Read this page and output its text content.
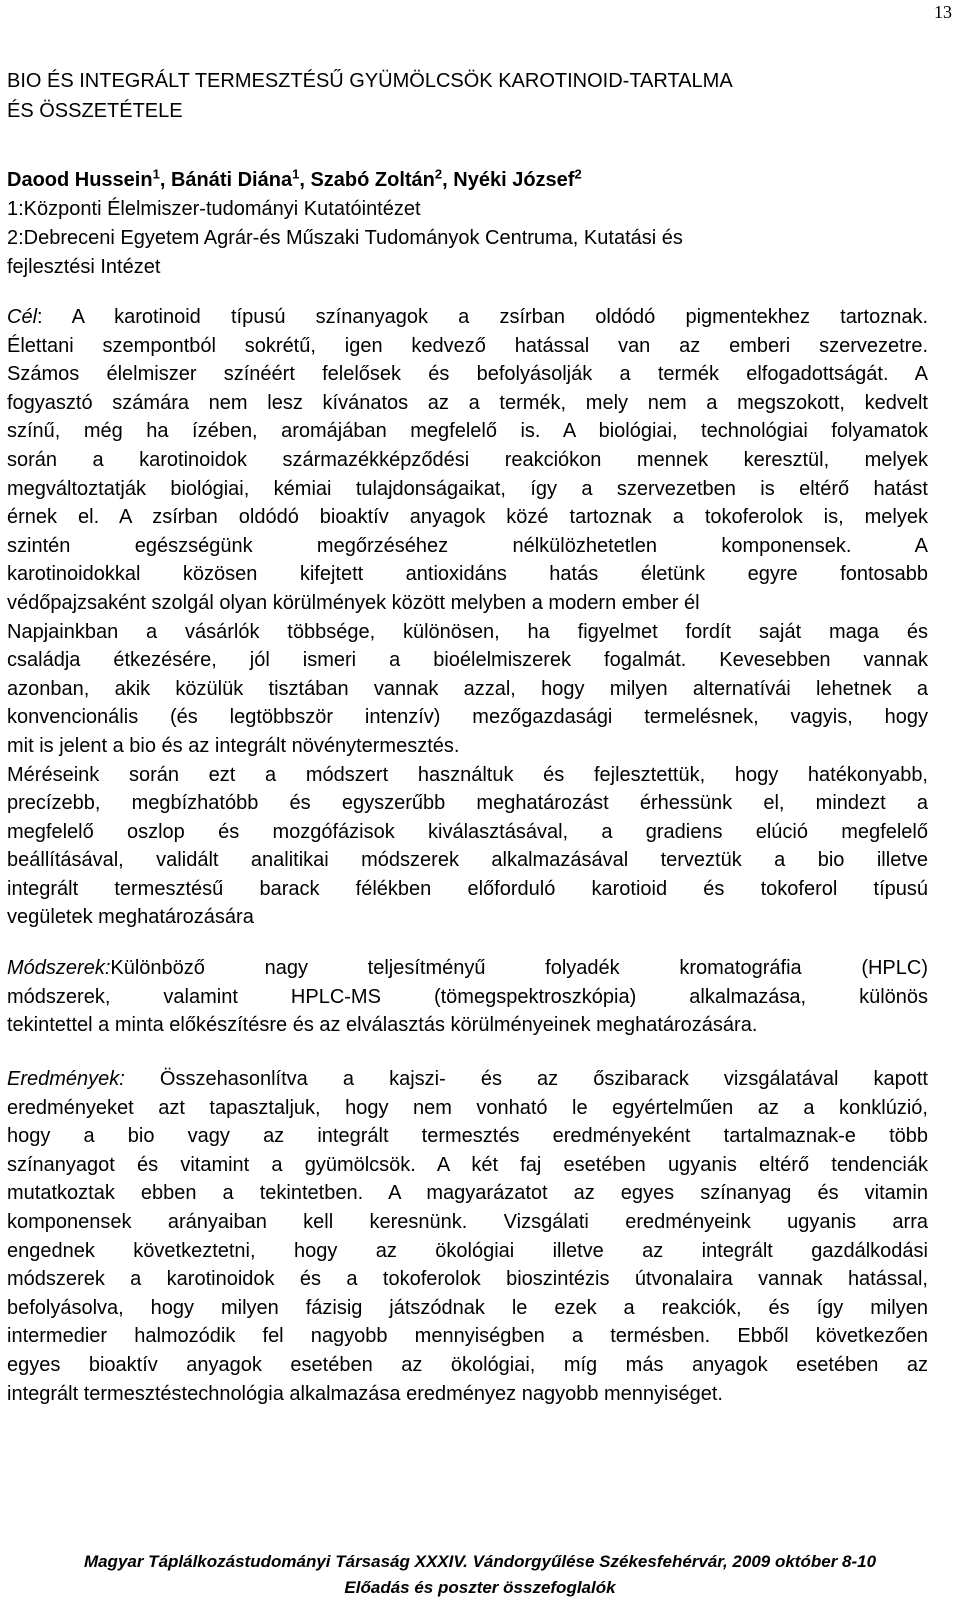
13
BIO ÉS INTEGRÁLT TERMESZTÉSŰ GYÜMÖLCSÖK KAROTINOID-TARTALMA
ÉS ÖSSZETÉTELE
Daood Hussein$^1$, Bánáti Diána$^1$, Szabó Zoltán$^2$, Nyéki József$^2$
1:Központi Élelmiszer-tudományi Kutatóintézet
2:Debreceni Egyetem Agrár-és Műszaki Tudományok Centruma, Kutatási és
fejlesztési Intézet
Cél: A karotinoid típusú színanyagok a zsírban oldódó pigmentekhez tartoznak.
Élettani szempontból sokrétű, igen kedvező hatással van az emberi szervezetre.
Számos élelmiszer színéért felelősek és befolyásolják a termék elfogadottságát. A
fogyasztó számára nem lesz kívánatos az a termék, mely nem a megszokott, kedvelt
színű, még ha ízében, aromájában megfelelő is. A biológiai, technológiai folyamatok
során a karotinoidok származékképződési reakciókon mennek keresztül, melyek
megváltoztatják biológiai, kémiai tulajdonságaikat, így a szervezetben is eltérő hatást
érnek el. A zsírban oldódó bioaktív anyagok közé tartoznak a tokoferolok is, melyek
szintén egészségünk megőrzéséhez nélkülözhetetlen komponensek. A
karotinoidokkal közösen kifejtett antioxidáns hatás életünk egyre fontosabb
védőpajzsaként szolgál olyan körülmények között melyben a modern ember él
Napjainkban a vásárlók többsége, különösen, ha figyelmet fordít saját maga és
családja étkezésére, jól ismeri a bioélelmiszerek fogalmát. Kevesebben vannak
azonban, akik közülük tisztában vannak azzal, hogy milyen alternatívái lehetnek a
konvencionális (és legtöbbször intenzív) mezőgazdasági termelésnek, vagyis, hogy
mit is jelent a bio és az integrált növénytermesztés.
Méréseink során ezt a módszert használtuk és fejlesztettük, hogy hatékonyabb,
precízebb, megbízhatóbb és egyszerűbb meghatározást érhessünk el, mindezt a
megfelelő oszlop és mozgófázisok kiválasztásával, a gradiens elúció megfelelő
beállításával, validált analitikai módszerek alkalmazásával terveztük a bio illetve
integrált termesztésű barack félékben előforduló karotioid és tokoferol típusú
vegületek meghatározására
Módszerek:Különböző nagy teljesítményű folyadék kromatográfia (HPLC)
módszerek, valamint HPLC-MS (tömegspektroszkópia) alkalmazása, különös
tekintettel a minta előkészítésre és az elválasztás körülményeinek meghatározására.
Eredmények: Összehasonlítva a kajszi- és az őszibarack vizsgálatával kapott
eredményeket azt tapasztaljuk, hogy nem vonható le egyértelműen az a konklúzió,
hogy a bio vagy az integrált termesztés eredményeként tartalmaznak-e több
színanyagot és vitamint a gyümölcsök. A két faj esetében ugyanis eltérő tendenciák
mutatkoztak ebben a tekintetben. A magyarázatot az egyes színanyag és vitamin
komponensek arányaiban kell keresnünk. Vizsgálati eredményeink ugyanis arra
engednek következtetni, hogy az ökológiai illetve az integrált gazdálkodási
módszerek a karotinoidok és a tokoferolok bioszintézis útvonalaira vannak hatással,
befolyásolva, hogy milyen fázisig játszódnak le ezek a reakciók, és így milyen
intermedier halmozódik fel nagyobb mennyiségben a termésben. Ebből következően
egyes bioaktív anyagok esetében az ökológiai, míg más anyagok esetében az
integrált termesztéstechnológia alkalmazása eredményez nagyobb mennyiséget.
Magyar Táplálkozástudományi Társaság XXXIV. Vándorgyűlése Székesfehérvár, 2009 október 8-10
Előadás és poszter összefoglalók
